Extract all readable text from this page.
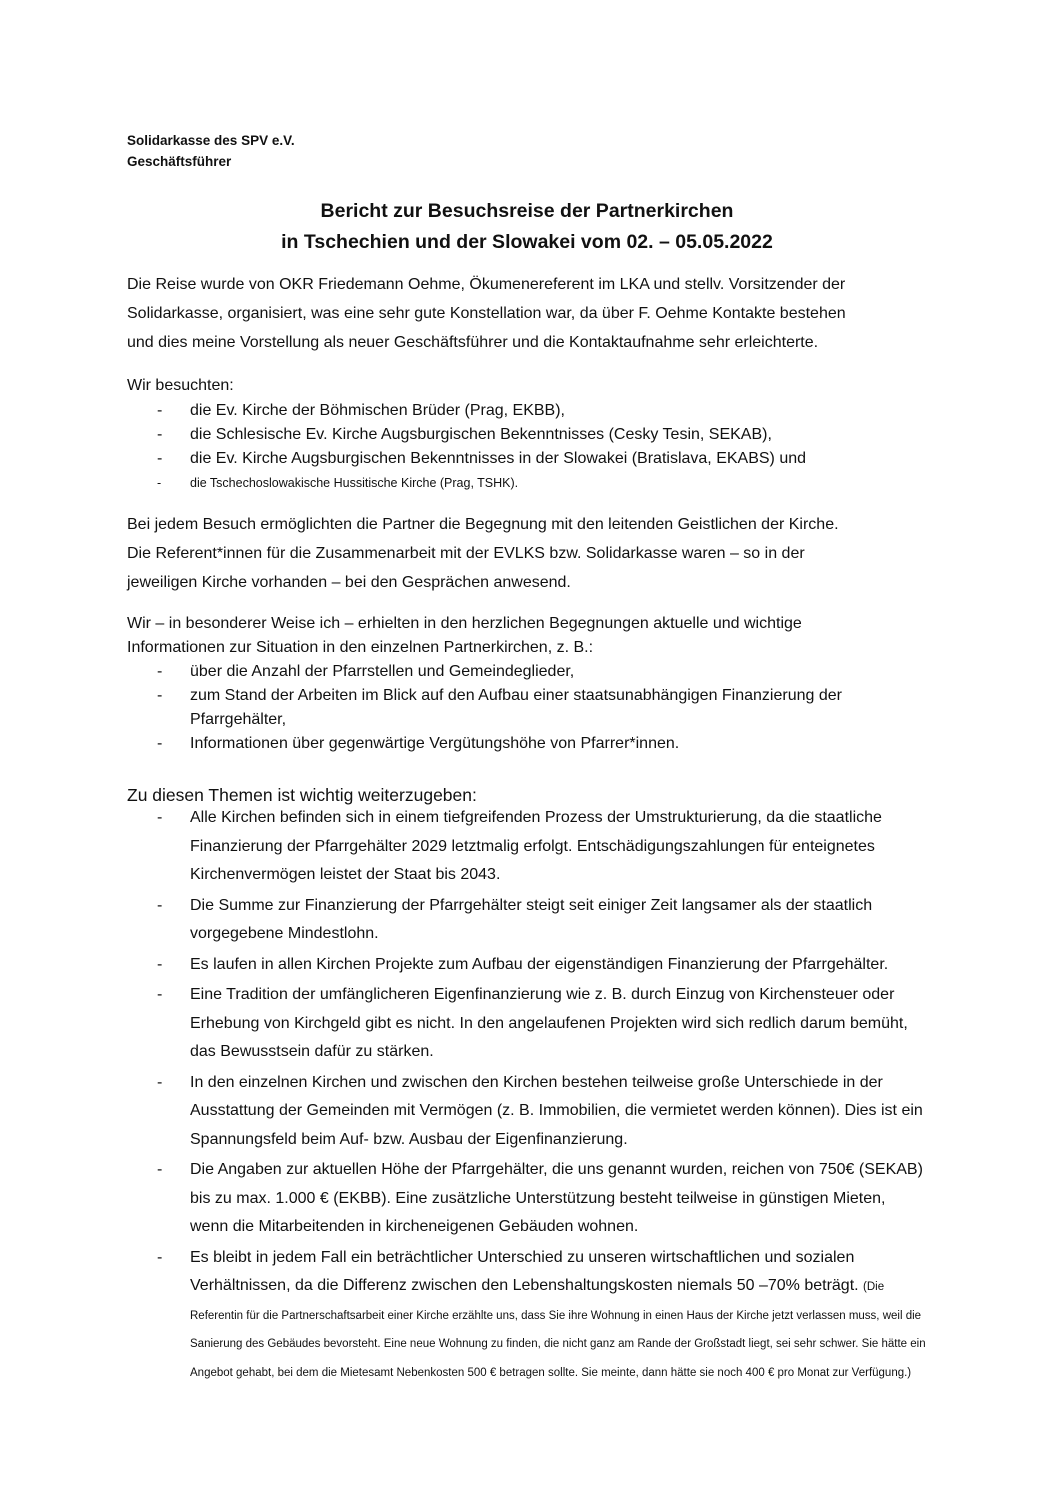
Solidarkasse des SPV e.V.
Geschäftsführer
Bericht zur Besuchsreise der Partnerkirchen
in Tschechien und der Slowakei vom 02. – 05.05.2022
Die Reise wurde von OKR Friedemann Oehme, Ökumenereferent im LKA und stellv. Vorsitzender der
Solidarkasse, organisiert, was eine sehr gute Konstellation war, da über F. Oehme Kontakte bestehen
und dies meine Vorstellung als neuer Geschäftsführer und die Kontaktaufnahme sehr erleichterte.
Wir besuchten:
- die Ev. Kirche der Böhmischen Brüder (Prag, EKBB),
- die Schlesische Ev. Kirche Augsburgischen Bekenntnisses (Cesky Tesin, SEKAB),
- die Ev. Kirche Augsburgischen Bekenntnisses in der Slowakei (Bratislava, EKABS) und
- die Tschechoslowakische Hussitische Kirche (Prag, TSHK).
Bei jedem Besuch ermöglichten die Partner die Begegnung mit den leitenden Geistlichen der Kirche.
Die Referent*innen für die Zusammenarbeit mit der EVLKS bzw. Solidarkasse waren – so in der
jeweiligen Kirche vorhanden – bei den Gesprächen anwesend.
Wir – in besonderer Weise ich – erhielten in den herzlichen Begegnungen aktuelle und wichtige
Informationen zur Situation in den einzelnen Partnerkirchen, z. B.:
- über die Anzahl der Pfarrstellen und Gemeindeglieder,
- zum Stand der Arbeiten im Blick auf den Aufbau einer staatsunabhängigen Finanzierung der Pfarrgehälter,
- Informationen über gegenwärtige Vergütungshöhe von Pfarrer*innen.
Zu diesen Themen ist wichtig weiterzugeben:
- Alle Kirchen befinden sich in einem tiefgreifenden Prozess der Umstrukturierung, da die staatliche Finanzierung der Pfarrgehälter 2029 letztmalig erfolgt. Entschädigungszahlungen für enteignetes Kirchenvermögen leistet der Staat bis 2043.
- Die Summe zur Finanzierung der Pfarrgehälter steigt seit einiger Zeit langsamer als der staatlich vorgegebene Mindestlohn.
- Es laufen in allen Kirchen Projekte zum Aufbau der eigenständigen Finanzierung der Pfarrgehälter.
- Eine Tradition der umfänglicheren Eigenfinanzierung wie z. B. durch Einzug von Kirchensteuer oder Erhebung von Kirchgeld gibt es nicht. In den angelaufenen Projekten wird sich redlich darum bemüht, das Bewusstsein dafür zu stärken.
- In den einzelnen Kirchen und zwischen den Kirchen bestehen teilweise große Unterschiede in der Ausstattung der Gemeinden mit Vermögen (z. B. Immobilien, die vermietet werden können). Dies ist ein Spannungsfeld beim Auf- bzw. Ausbau der Eigenfinanzierung.
- Die Angaben zur aktuellen Höhe der Pfarrgehälter, die uns genannt wurden, reichen von 750€ (SEKAB) bis zu max. 1.000 € (EKBB). Eine zusätzliche Unterstützung besteht teilweise in günstigen Mieten, wenn die Mitarbeitenden in kircheneigenen Gebäuden wohnen.
- Es bleibt in jedem Fall ein beträchtlicher Unterschied zu unseren wirtschaftlichen und sozialen Verhältnissen, da die Differenz zwischen den Lebenshaltungskosten niemals 50 –70% beträgt. (Die Referentin für die Partnerschaftsarbeit einer Kirche erzählte uns, dass Sie ihre Wohnung in einen Haus der Kirche jetzt verlassen muss, weil die Sanierung des Gebäudes bevorsteht. Eine neue Wohnung zu finden, die nicht ganz am Rande der Großstadt liegt, sei sehr schwer. Sie hätte ein Angebot gehabt, bei dem die Mietesamt Nebenkosten 500 € betragen sollte. Sie meinte, dann hätte sie noch 400 € pro Monat zur Verfügung.)
